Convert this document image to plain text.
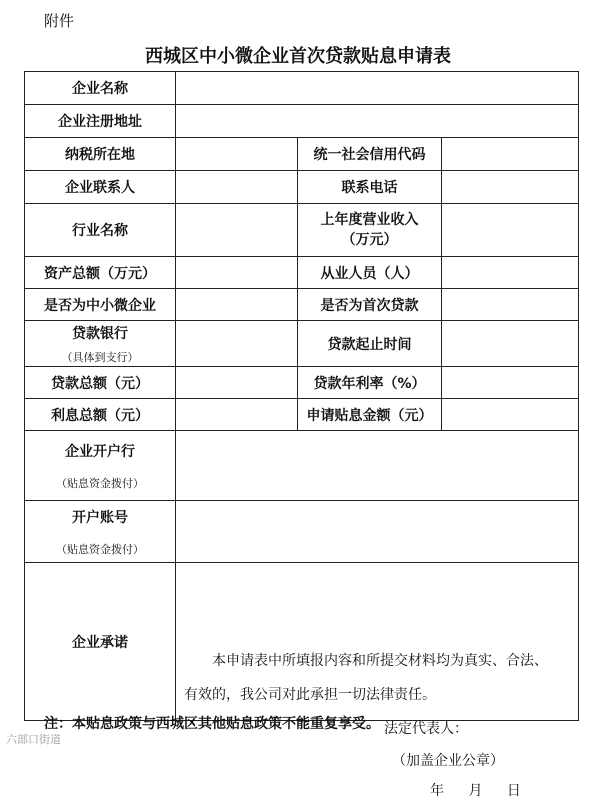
附件
西城区中小微企业首次贷款贴息申请表
企业名称			
企业注册地址			
纳税所在地		统一社会信用代码	
企业联系人		联系电话	
行业名称		上年度营业收入
（万元）	
资产总额（万元）		从业人员（人）	
是否为中小微企业		是否为首次贷款	
贷款银行
（具体到支行）		贷款起止时间	
贷款总额（元）		贷款年利率（%）	
利息总额（元）		申请贴息金额（元）	
企业开户行
（贴息资金拨付）			

开户账号
（贴息资金拨付）			

企业承诺	本申请表中所填报内容和所提交材料均为真实、合法、
有效的，我公司对此承担一切法律责任。
法定代表人：
（加盖企业公章）
年 月 日		
注：本贴息政策与西城区其他贴息政策不能重复享受。
六部口街道
